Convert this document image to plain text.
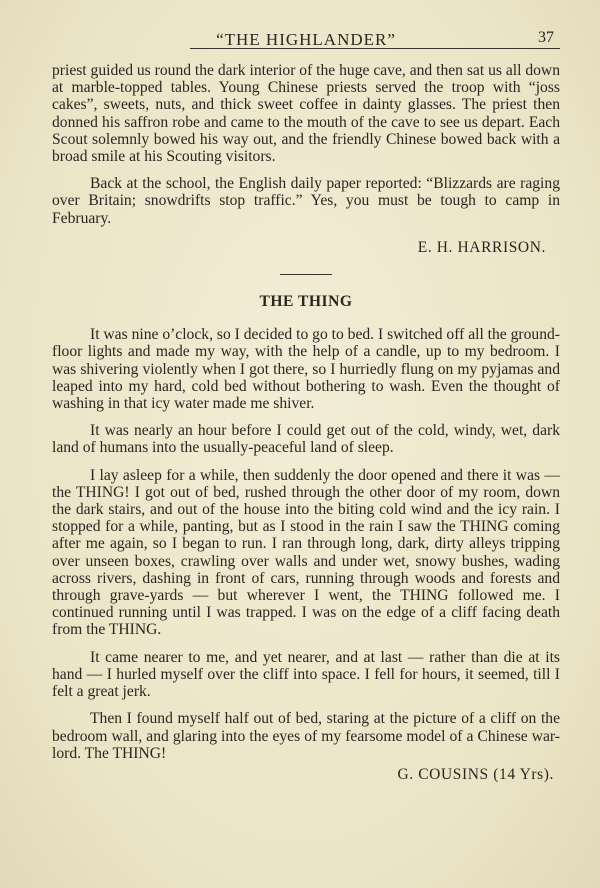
“THE HIGHLANDER”	37

priest guided us round the dark interior of the huge cave, and then sat us all down at marble-topped tables. Young Chinese priests served the troop with “joss cakes”, sweets, nuts, and thick sweet coffee in dainty glasses. The priest then donned his saffron robe and came to the mouth of the cave to see us depart. Each Scout solemnly bowed his way out, and the friendly Chinese bowed back with a broad smile at his Scouting visitors.

Back at the school, the English daily paper reported: “Blizzards are raging over Britain; snowdrifts stop traffic.” Yes, you must be tough to camp in February.

E. H. HARRISON.
THE THING

It was nine o’clock, so I decided to go to bed. I switched off all the ground-floor lights and made my way, with the help of a candle, up to my bedroom. I was shivering violently when I got there, so I hurriedly flung on my pyjamas and leaped into my hard, cold bed without bothering to wash. Even the thought of washing in that icy water made me shiver.

It was nearly an hour before I could get out of the cold, windy, wet, dark land of humans into the usually-peaceful land of sleep.

I lay asleep for a while, then suddenly the door opened and there it was — the THING! I got out of bed, rushed through the other door of my room, down the dark stairs, and out of the house into the biting cold wind and the icy rain. I stopped for a while, panting, but as I stood in the rain I saw the THING coming after me again, so I began to run. I ran through long, dark, dirty alleys tripping over unseen boxes, crawling over walls and under wet, snowy bushes, wading across rivers, dashing in front of cars, running through woods and forests and through grave-yards — but wherever I went, the THING followed me. I continued running until I was trapped. I was on the edge of a cliff facing death from the THING.

It came nearer to me, and yet nearer, and at last — rather than die at its hand — I hurled myself over the cliff into space. I fell for hours, it seemed, till I felt a great jerk.

Then I found myself half out of bed, staring at the picture of a cliff on the bedroom wall, and glaring into the eyes of my fearsome model of a Chinese war-lord. The THING!

G. COUSINS (14 Yrs).
